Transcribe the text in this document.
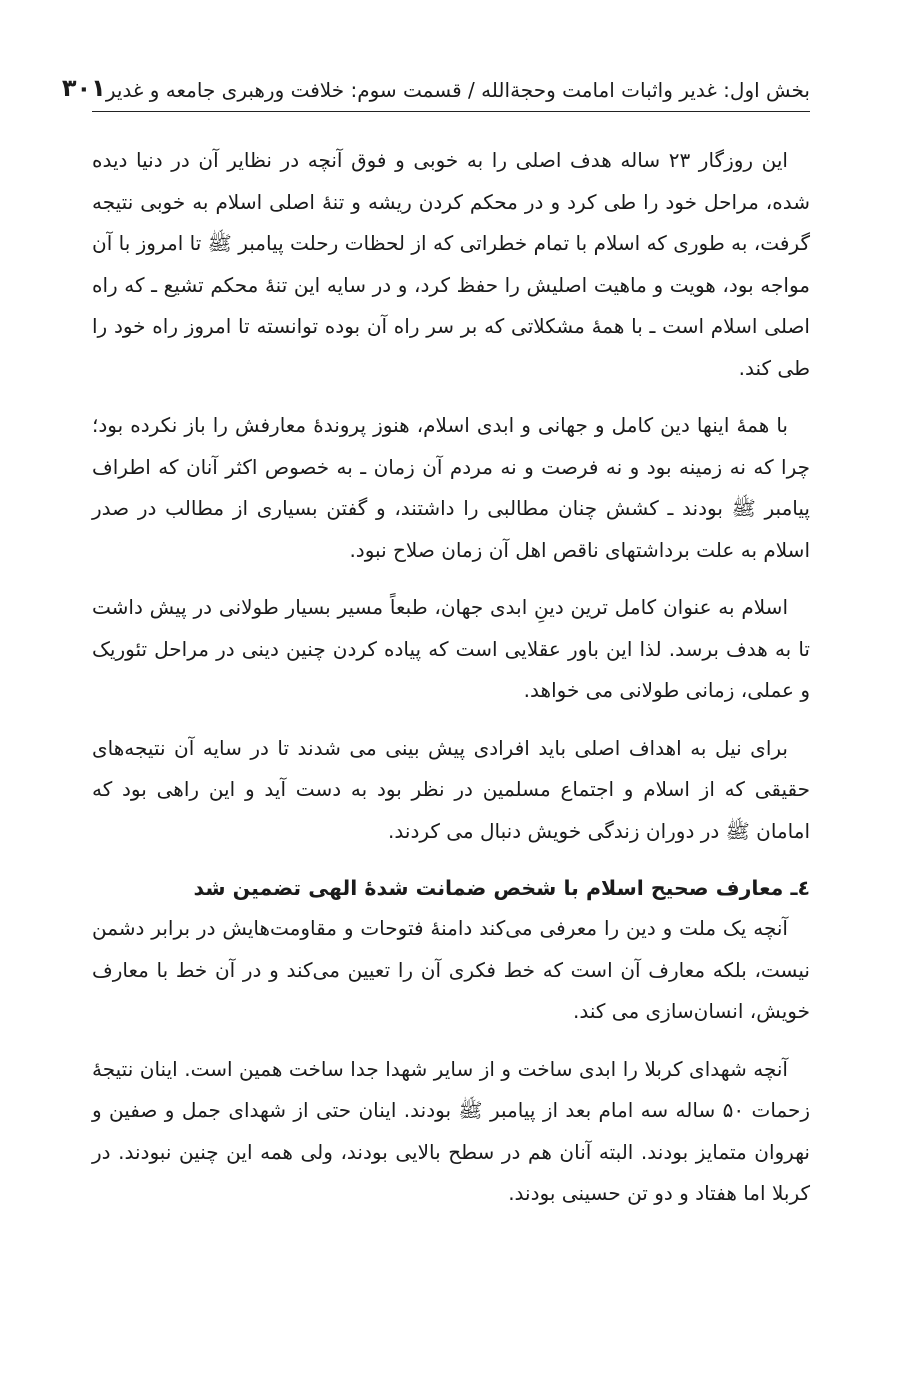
بخش اول: غدیر واثبات امامت وحجةالله / قسمت سوم: خلافت ورهبری جامعه و غدیر
۳۰۱

این روزگار ۲۳ ساله هدف اصلی را به خوبی و فوق آنچه در نظایر آن در دنیا دیده شده، مراحل خود را طی کرد و در محکم کردن ریشه و تنهٔ اصلی اسلام به خوبی نتیجه گرفت، به طوری که اسلام با تمام خطراتی که از لحظات رحلت پیامبر ﷺ تا امروز با آن مواجه بود، هویت و ماهیت اصلیش را حفظ کرد، و در سایه این تنهٔ محکم تشیع ـ که راه اصلی اسلام است ـ با همهٔ مشکلاتی که بر سر راه آن بوده توانسته تا امروز راه خود را طی کند.

با همهٔ اینها دین کامل و جهانی و ابدی اسلام، هنوز پروندهٔ معارفش را باز نکرده بود؛ چرا که نه زمینه بود و نه فرصت و نه مردم آن زمان ـ به خصوص اکثر آنان که اطراف پیامبر ﷺ بودند ـ کشش چنان مطالبی را داشتند، و گفتن بسیاری از مطالب در صدر اسلام به علت برداشتهای ناقص اهل آن زمان صلاح نبود.

اسلام به عنوان کامل ترین دینِ ابدی جهان، طبعاً مسیر بسیار طولانی در پیش داشت تا به هدف برسد. لذا این باور عقلایی است که پیاده کردن چنین دینی در مراحل تئوریک و عملی، زمانی طولانی می خواهد.

برای نیل به اهداف اصلی باید افرادی پیش بینی می شدند تا در سایه آن نتیجه‌های حقیقی که از اسلام و اجتماع مسلمین در نظر بود به دست آید و این راهی بود که امامان ﷺ در دوران زندگی خویش دنبال می کردند.

٤ـ معارف صحیح اسلام با شخص ضمانت شدهٔ الهی تضمین شد

آنچه یک ملت و دین را معرفی می‌کند دامنهٔ فتوحات و مقاومت‌هایش در برابر دشمن نیست، بلکه معارف آن است که خط فکری آن را تعیین می‌کند و در آن خط با معارف خویش، انسان‌سازی می کند.

آنچه شهدای کربلا را ابدی ساخت و از سایر شهدا جدا ساخت همین است. اینان نتیجهٔ زحمات ۵۰ ساله سه امام بعد از پیامبر ﷺ بودند. اینان حتی از شهدای جمل و صفین و نهروان متمایز بودند. البته آنان هم در سطح بالایی بودند، ولی همه این چنین نبودند. در کربلا اما هفتاد و دو تن حسینی بودند.
